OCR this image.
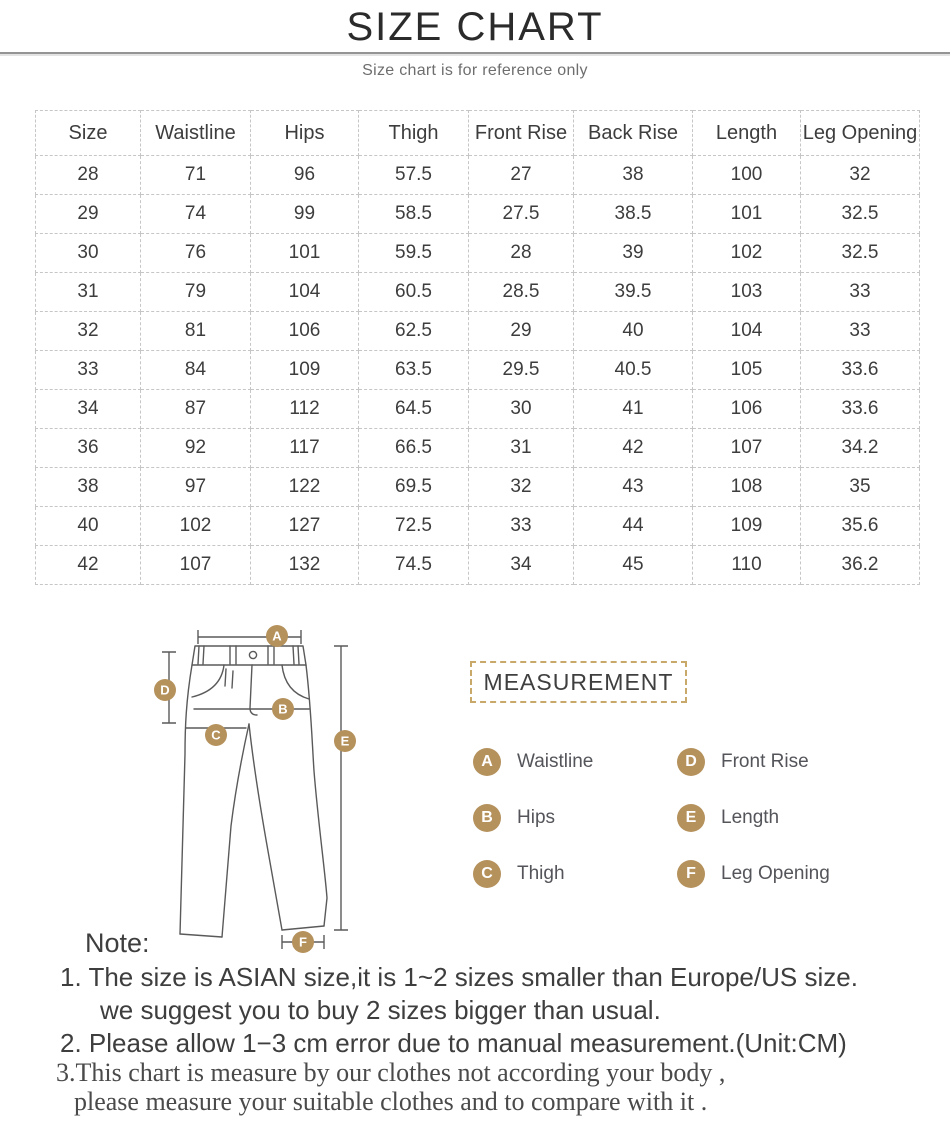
SIZE CHART
Size chart is for reference only
Size	Waistline	Hips	Thigh	Front Rise	Back Rise	Length	Leg Opening
28	71	96	57.5	27	38	100	32
29	74	99	58.5	27.5	38.5	101	32.5
30	76	101	59.5	28	39	102	32.5
31	79	104	60.5	28.5	39.5	103	33
32	81	106	62.5	29	40	104	33
33	84	109	63.5	29.5	40.5	105	33.6
34	87	112	64.5	30	41	106	33.6
36	92	117	66.5	31	42	107	34.2
38	97	122	69.5	32	43	108	35
40	102	127	72.5	33	44	109	35.6
42	107	132	74.5	34	45	110	36.2
A
B
C
D
E
F
MEASUREMENT
A	Waistline
B	Hips
C	Thigh
D	Front Rise
E	Length
F	Leg Opening
Note:
1. The size is ASIAN size,it is 1~2 sizes smaller than Europe/US size.
we suggest you to buy 2 sizes bigger than usual.
2. Please allow 1−3 cm error due to manual measurement.(Unit:CM)
3.This chart is measure by our clothes not according your body ,
please measure your suitable clothes and to compare with it .
